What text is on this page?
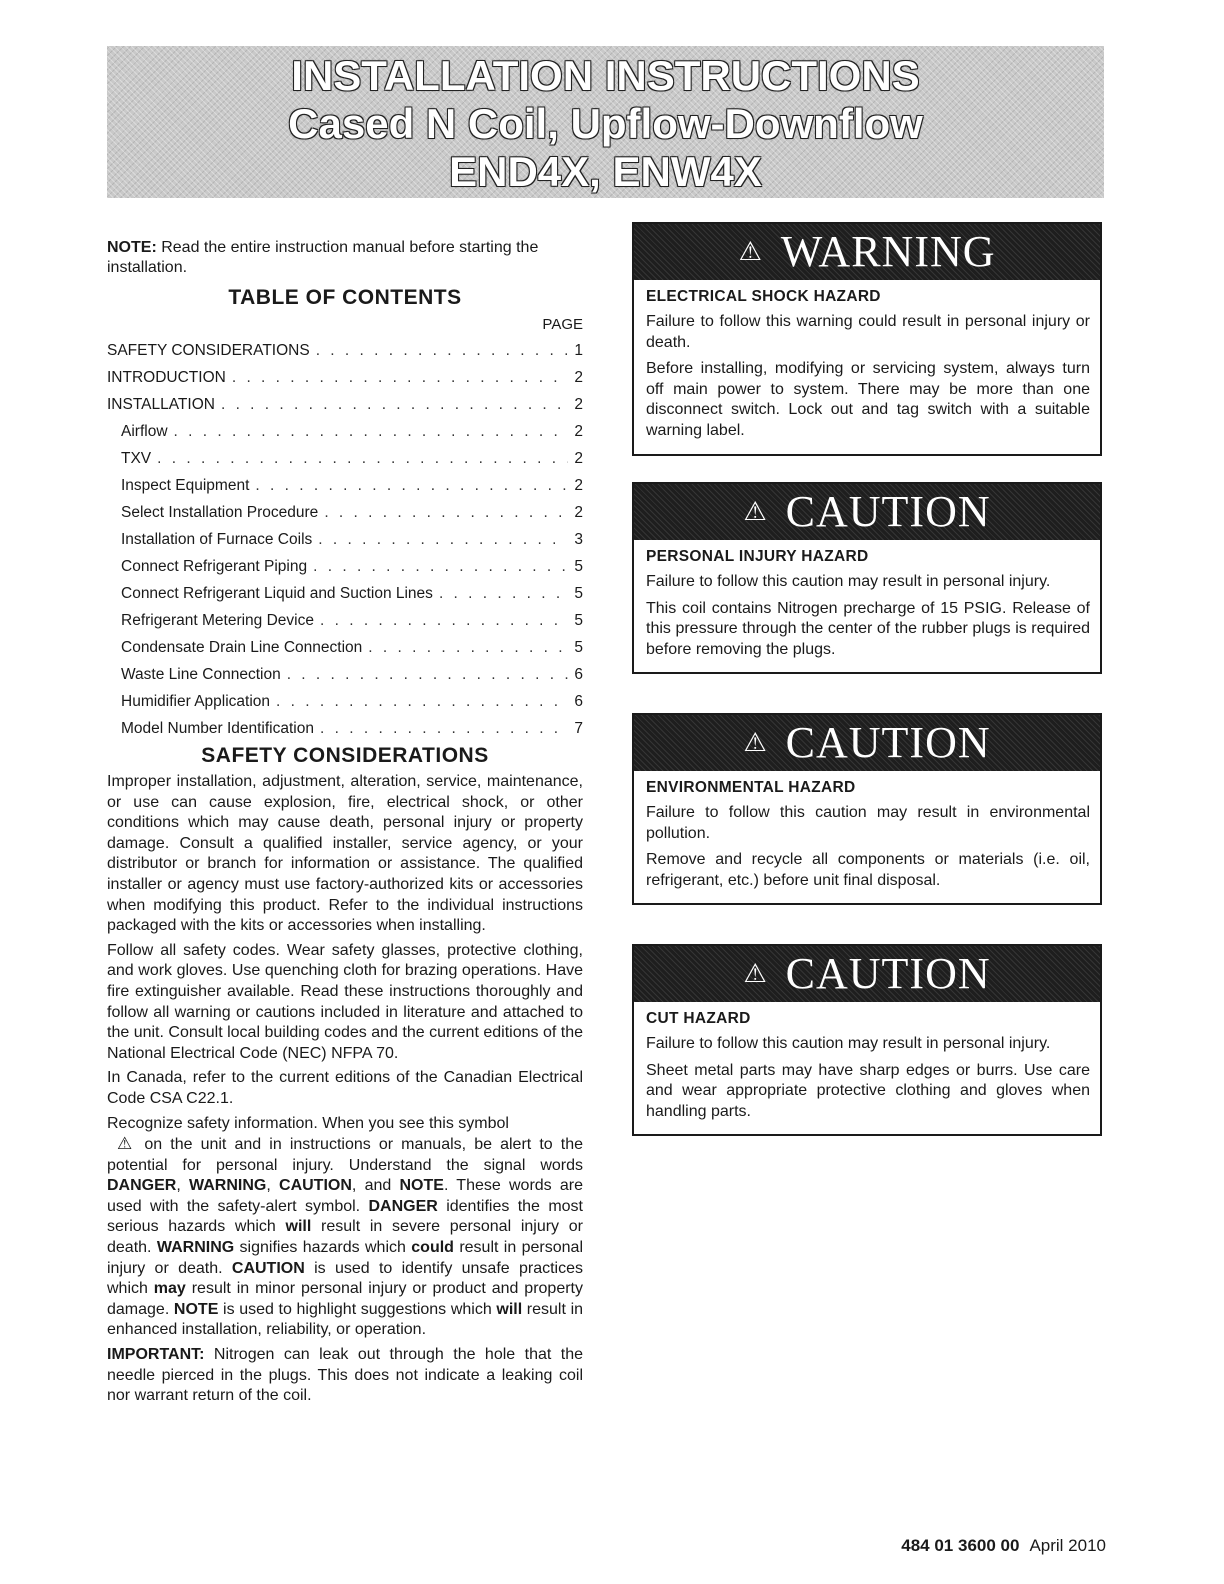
INSTALLATION INSTRUCTIONS
Cased N Coil, Upflow-Downflow
END4X, ENW4X

NOTE: Read the entire instruction manual before starting the installation.

TABLE OF CONTENTS
PAGE
SAFETY CONSIDERATIONS . . .	1
INTRODUCTION . . .	2
INSTALLATION . . .	2
Airflow . . .	2
TXV . . .	2
Inspect Equipment . . .	2
Select Installation Procedure . . .	2
Installation of Furnace Coils . . .	3
Connect Refrigerant Piping . . .	5
Connect Refrigerant Liquid and Suction Lines . . .	5
Refrigerant Metering Device . . .	5
Condensate Drain Line Connection . . .	5
Waste Line Connection . . .	6
Humidifier Application . . .	6
Model Number Identification . . .	7
SAFETY CONSIDERATIONS

Improper installation, adjustment, alteration, service, maintenance, or use can cause explosion, fire, electrical shock, or other conditions which may cause death, personal injury or property damage. Consult a qualified installer, service agency, or your distributor or branch for information or assistance. The qualified installer or agency must use factory-authorized kits or accessories when modifying this product. Refer to the individual instructions packaged with the kits or accessories when installing.

Follow all safety codes. Wear safety glasses, protective clothing, and work gloves. Use quenching cloth for brazing operations. Have fire extinguisher available. Read these instructions thoroughly and follow all warning or cautions included in literature and attached to the unit. Consult local building codes and the current editions of the National Electrical Code (NEC) NFPA 70.

In Canada, refer to the current editions of the Canadian Electrical Code CSA C22.1.

Recognize safety information. When you see this symbol
⚠ on the unit and in instructions or manuals, be alert to the potential for personal injury. Understand the signal words DANGER, WARNING, CAUTION, and NOTE. These words are used with the safety-alert symbol. DANGER identifies the most serious hazards which will result in severe personal injury or death. WARNING signifies hazards which could result in personal injury or death. CAUTION is used to identify unsafe practices which may result in minor personal injury or product and property damage. NOTE is used to highlight suggestions which will result in enhanced installation, reliability, or operation.

IMPORTANT: Nitrogen can leak out through the hole that the needle pierced in the plugs. This does not indicate a leaking coil nor warrant return of the coil.

⚠ WARNING
ELECTRICAL SHOCK HAZARD

Failure to follow this warning could result in personal injury or death.

Before installing, modifying or servicing system, always turn off main power to system. There may be more than one disconnect switch. Lock out and tag switch with a suitable warning label.

⚠ CAUTION
PERSONAL INJURY HAZARD

Failure to follow this caution may result in personal injury.

This coil contains Nitrogen precharge of 15 PSIG. Release of this pressure through the center of the rubber plugs is required before removing the plugs.

⚠ CAUTION
ENVIRONMENTAL HAZARD

Failure to follow this caution may result in environmental pollution.

Remove and recycle all components or materials (i.e. oil, refrigerant, etc.) before unit final disposal.

⚠ CAUTION
CUT HAZARD

Failure to follow this caution may result in personal injury.

Sheet metal parts may have sharp edges or burrs. Use care and wear appropriate protective clothing and gloves when handling parts.

484 01 3600 00 April 2010
